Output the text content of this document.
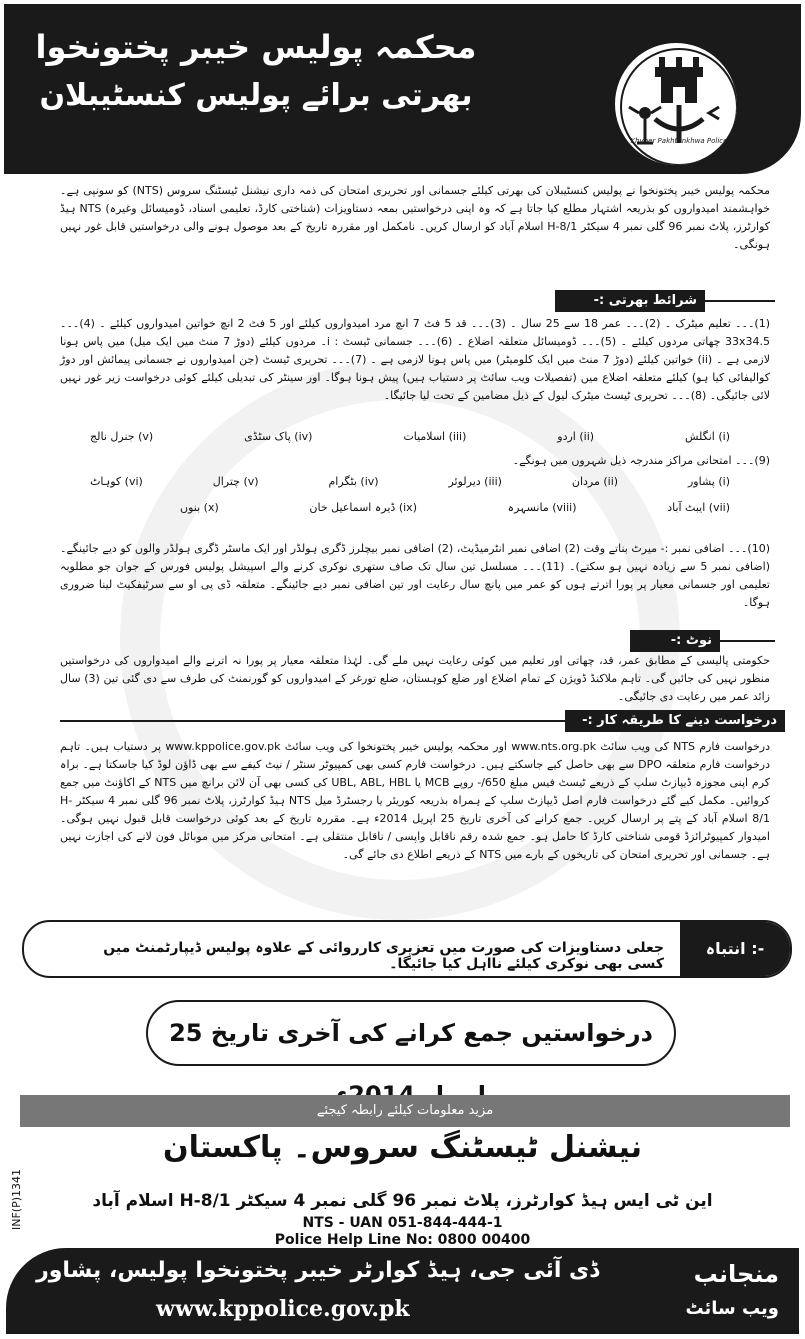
محکمہ پولیس خیبر پختونخوا
بھرتی برائے پولیس کنسٹیبلان
Khyber Pakhtunkhwa Police
محکمہ پولیس خیبر پختونخوا نے پولیس کنسٹیبلان کی بھرتی کیلئے جسمانی اور تحریری امتحان کی ذمہ داری نیشنل ٹیسٹنگ سروس (NTS) کو سونپی ہے۔ خواہشمند امیدواروں کو بذریعہ اشتہار مطلع کیا جاتا ہے کہ وہ اپنی درخواستیں بمعہ دستاویزات (شناختی کارڈ، تعلیمی اسناد، ڈومیسائل وغیرہ) NTS ہیڈ کوارٹرز، پلاٹ نمبر 96 گلی نمبر 4 سیکٹر H-8/1 اسلام آباد کو ارسال کریں۔ نامکمل اور مقررہ تاریخ کے بعد موصول ہونے والی درخواستیں قابل غور نہیں ہونگی۔
شرائط بھرتی :-
(1)۔۔۔ تعلیم میٹرک ۔ (2)۔۔۔ عمر 18 سے 25 سال ۔ (3)۔۔۔ قد 5 فٹ 7 انچ مرد امیدواروں کیلئے اور 5 فٹ 2 انچ خواتین امیدواروں کیلئے ۔ (4)۔۔۔ 33x34.5 چھاتی مردوں کیلئے ۔ (5)۔۔۔ ڈومیسائل متعلقہ اضلاع ۔ (6)۔۔۔ جسمانی ٹیسٹ : i۔ مردوں کیلئے (دوڑ 7 منٹ میں ایک میل) میں پاس ہونا لازمی ہے ۔ (ii) خواتین کیلئے (دوڑ 7 منٹ میں ایک کلومیٹر) میں پاس ہونا لازمی ہے ۔ (7)۔۔۔ تحریری ٹیسٹ (جن امیدواروں نے جسمانی پیمائش اور دوڑ کوالیفائی کیا ہو) کیلئے متعلقہ اضلاع میں (تفصیلات ویب سائٹ پر دستیاب ہیں) پیش ہونا ہوگا۔ اور سینٹر کی تبدیلی کیلئے کوئی درخواست زیر غور نہیں لائی جائیگی۔ (8)۔۔۔ تحریری ٹیسٹ میٹرک لیول کے ذیل مضامین کے تحت لیا جائیگا۔
(i) انگلش
(ii) اردو
(iii) اسلامیات
(iv) پاک سٹڈی
(v) جنرل نالج
(9)۔۔۔ امتحانی مراکز مندرجہ ذیل شہروں میں ہونگے۔
(i) پشاور
(ii) مردان
(iii) دیرلوئر
(iv) بٹگرام
(v) چترال
(vi) کوہاٹ
(vii) ایبٹ آباد
(viii) مانسہرہ
(ix) ڈیرہ اسماعیل خان
(x) بنوں
(10)۔۔۔ اضافی نمبر :- میرٹ بناتے وقت (2) اضافی نمبر انٹرمیڈیٹ، (2) اضافی نمبر بیچلرز ڈگری ہولڈر اور ایک ماسٹر ڈگری ہولڈر والوں کو دیے جائینگے۔ (اضافی نمبر 5 سے زیادہ نہیں ہو سکتے)۔ (11)۔۔۔ مسلسل تین سال تک صاف ستھری نوکری کرنے والے اسپیشل پولیس فورس کے جوان جو مطلوبہ تعلیمی اور جسمانی معیار پر پورا اترتے ہوں کو عمر میں پانچ سال رعایت اور تین اضافی نمبر دیے جائینگے۔ متعلقہ ڈی پی او سے سرٹیفکیٹ لینا ضروری ہوگا۔
نوٹ :-
حکومتی پالیسی کے مطابق عمر، قد، چھاتی اور تعلیم میں کوئی رعایت نہیں ملے گی۔ لہٰذا متعلقہ معیار پر پورا نہ اترنے والے امیدواروں کی درخواستیں منظور نہیں کی جائیں گی۔ تاہم ملاکنڈ ڈویژن کے تمام اضلاع اور ضلع کوہستان، ضلع تورغر کے امیدواروں کو گورنمنٹ کی طرف سے دی گئی تین (3) سال زائد عمر میں رعایت دی جائیگی۔
درخواست دینے کا طریقہ کار :-
درخواست فارم NTS کی ویب سائٹ www.nts.org.pk اور محکمہ پولیس خیبر پختونخوا کی ویب سائٹ www.kppolice.gov.pk پر دستیاب ہیں۔ تاہم درخواست فارم متعلقہ DPO سے بھی حاصل کیے جاسکتے ہیں۔ درخواست فارم کسی بھی کمپیوٹر سنٹر / نیٹ کیفے سے بھی ڈاؤن لوڈ کیا جاسکتا ہے۔ براہ کرم اپنی مجوزہ ڈیپازٹ سلپ کے ذریعے ٹیسٹ فیس مبلغ 650/- روپے MCB یا UBL, ABL, HBL کی کسی بھی آن لائن برانچ میں NTS کے اکاؤنٹ میں جمع کروائیں۔ مکمل کیے گئے درخواست فارم اصل ڈیپازٹ سلپ کے ہمراہ بذریعہ کوریئر یا رجسٹرڈ میل NTS ہیڈ کوارٹرز، پلاٹ نمبر 96 گلی نمبر 4 سیکٹر H-8/1 اسلام آباد کے پتے پر ارسال کریں۔ جمع کرانے کی آخری تاریخ 25 اپریل 2014ء ہے۔ مقررہ تاریخ کے بعد کوئی درخواست قابل قبول نہیں ہوگی۔ امیدوار کمپیوٹرائزڈ قومی شناختی کارڈ کا حامل ہو۔ جمع شدہ رقم ناقابل واپسی / ناقابل منتقلی ہے۔ امتحانی مرکز میں موبائل فون لانے کی اجازت نہیں ہے۔ جسمانی اور تحریری امتحان کی تاریخوں کے بارے میں NTS کے ذریعے اطلاع دی جائے گی۔
انتباہ :-
جعلی دستاویزات کی صورت میں تعزیری کارروائی کے علاوہ پولیس ڈیپارٹمنٹ میں کسی بھی نوکری کیلئے نااہل کیا جائیگا۔
درخواستیں جمع کرانے کی آخری تاریخ 25
مزید معلومات کیلئے رابطہ کیجئے
نیشنل ٹیسٹنگ سروس۔ پاکستان
این ٹی ایس ہیڈ کوارٹرز، پلاٹ نمبر 96 گلی نمبر 4 سیکٹر H-8/1 اسلام آباد
NTS - UAN 051-844-444-1
Police Help Line No: 0800 00400
INF(P)1341
منجانب
ڈی آئی جی، ہیڈ کوارٹر خیبر پختونخوا پولیس، پشاور
ویب سائٹ
www.kppolice.gov.pk
